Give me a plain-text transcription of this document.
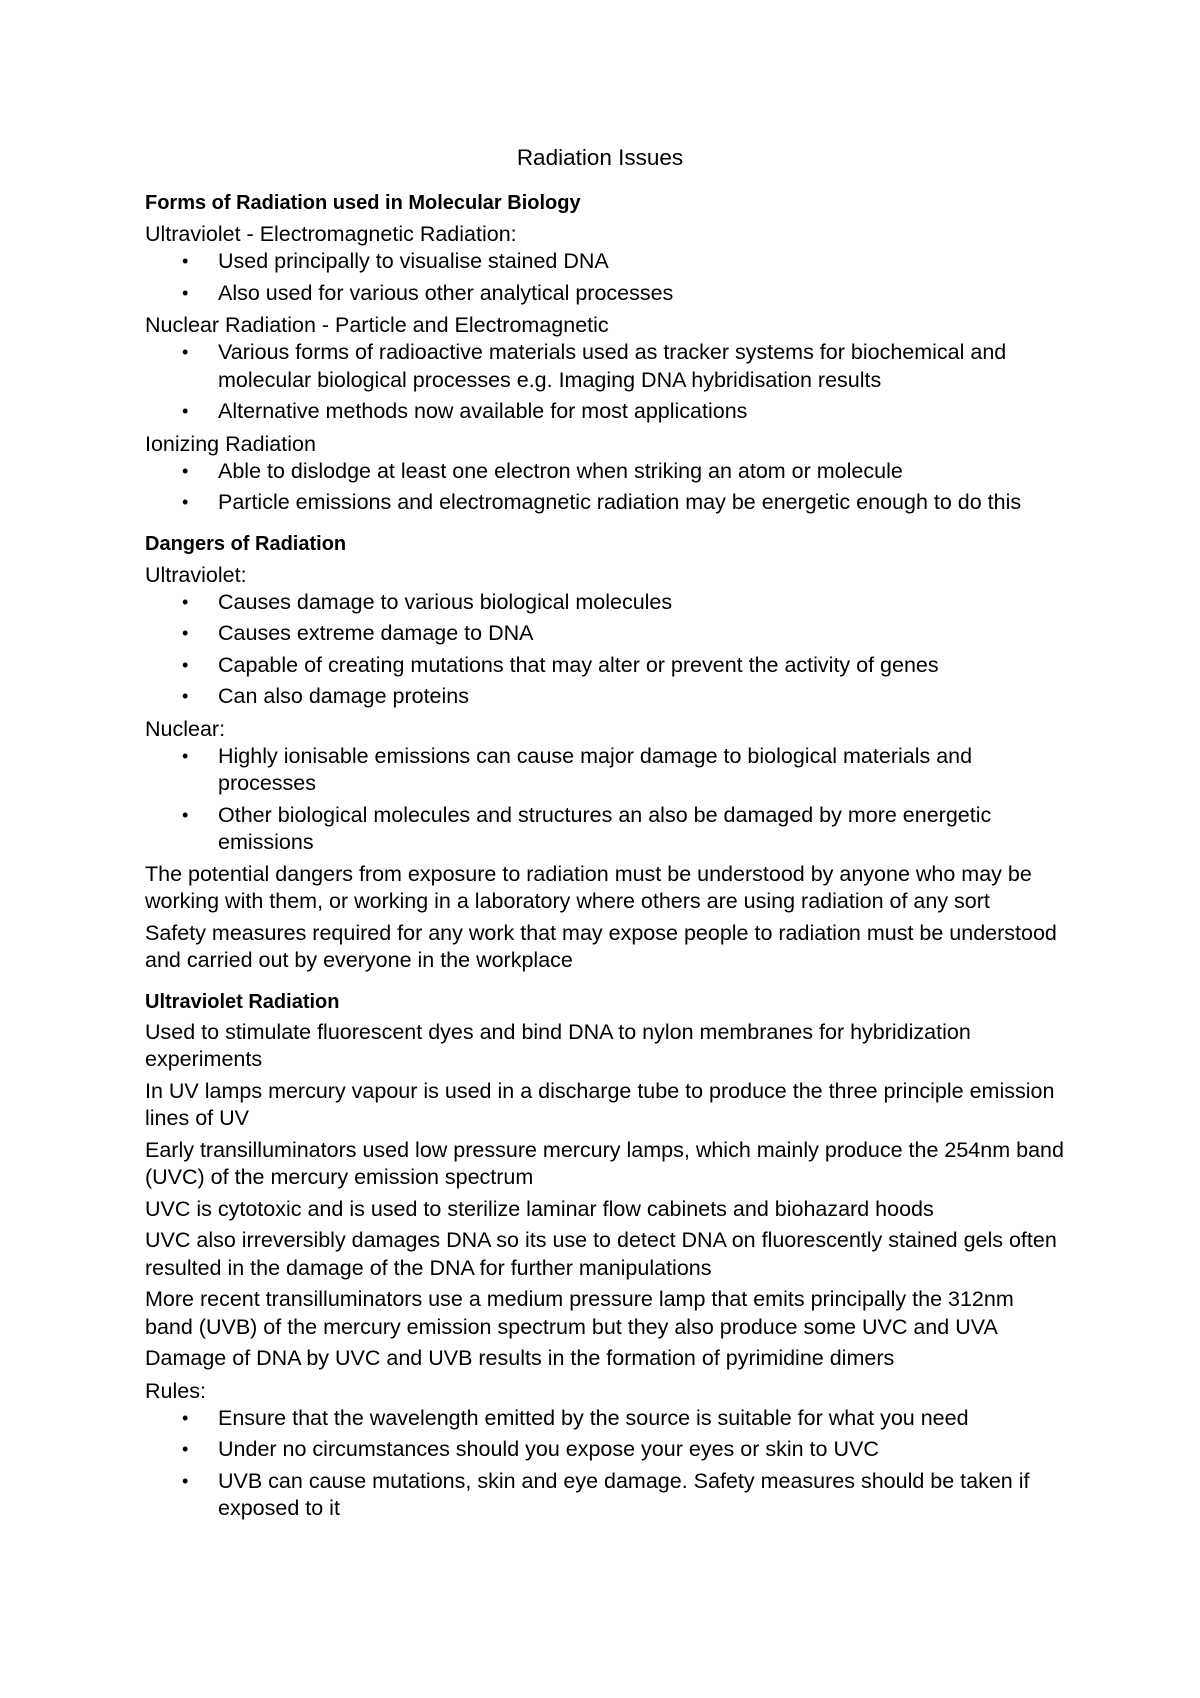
Radiation Issues
Forms of Radiation used in Molecular Biology

Ultraviolet - Electromagnetic Radiation:

• Used principally to visualise stained DNA
• Also used for various other analytical processes

Nuclear Radiation - Particle and Electromagnetic

• Various forms of radioactive materials used as tracker systems for biochemical and molecular biological processes e.g. Imaging DNA hybridisation results
• Alternative methods now available for most applications

Ionizing Radiation

• Able to dislodge at least one electron when striking an atom or molecule
• Particle emissions and electromagnetic radiation may be energetic enough to do this
Dangers of Radiation

Ultraviolet:

• Causes damage to various biological molecules
• Causes extreme damage to DNA
• Capable of creating mutations that may alter or prevent the activity of genes
• Can also damage proteins

Nuclear:

• Highly ionisable emissions can cause major damage to biological materials and processes
• Other biological molecules and structures an also be damaged by more energetic emissions

The potential dangers from exposure to radiation must be understood by anyone who may be working with them, or working in a laboratory where others are using radiation of any sort

Safety measures required for any work that may expose people to radiation must be understood and carried out by everyone in the workplace

Ultraviolet Radiation

Used to stimulate fluorescent dyes and bind DNA to nylon membranes for hybridization experiments

In UV lamps mercury vapour is used in a discharge tube to produce the three principle emission lines of UV

Early transilluminators used low pressure mercury lamps, which mainly produce the 254nm band (UVC) of the mercury emission spectrum

UVC is cytotoxic and is used to sterilize laminar flow cabinets and biohazard hoods

UVC also irreversibly damages DNA so its use to detect DNA on fluorescently stained gels often resulted in the damage of the DNA for further manipulations

More recent transilluminators use a medium pressure lamp that emits principally the 312nm band (UVB) of the mercury emission spectrum but they also produce some UVC and UVA

Damage of DNA by UVC and UVB results in the formation of pyrimidine dimers

Rules:

• Ensure that the wavelength emitted by the source is suitable for what you need
• Under no circumstances should you expose your eyes or skin to UVC
• UVB can cause mutations, skin and eye damage. Safety measures should be taken if exposed to it
